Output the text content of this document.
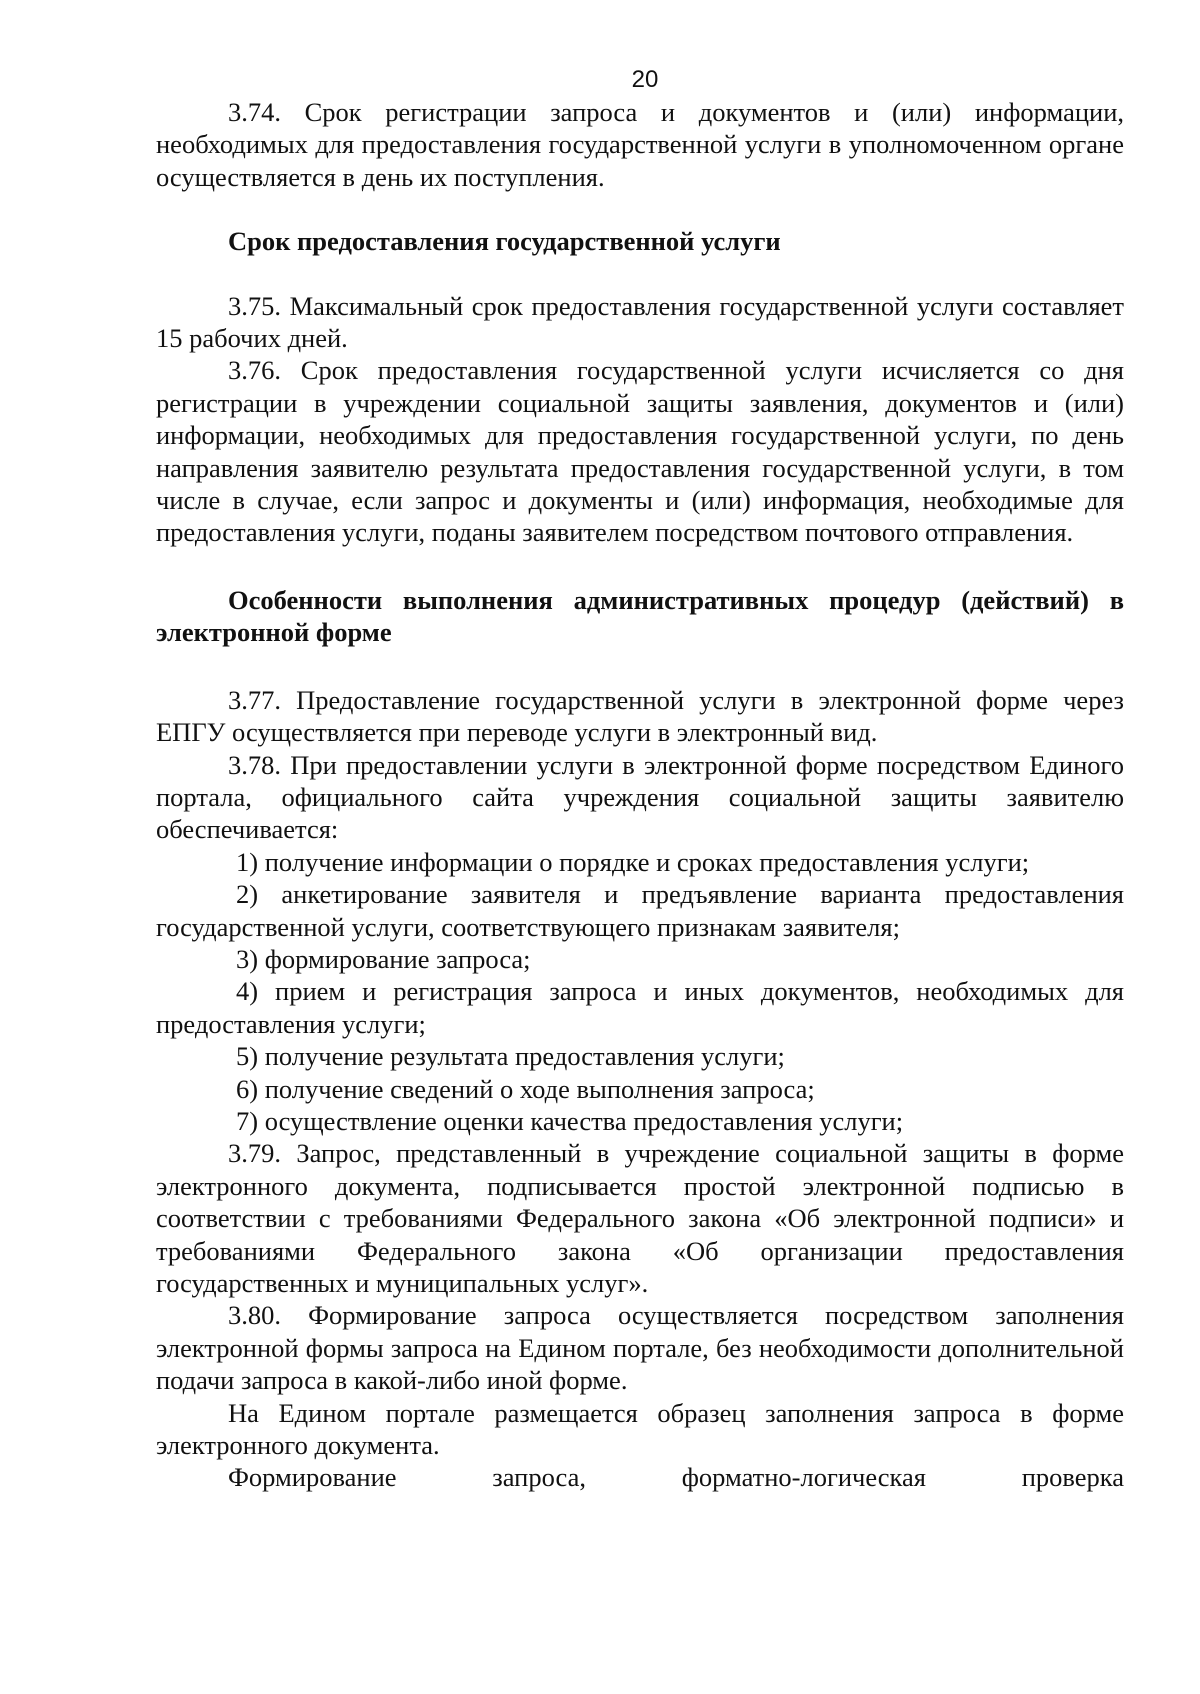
20

3.74. Срок регистрации запроса и документов и (или) информации, необходимых для предоставления государственной услуги в уполномоченном органе осуществляется в день их поступления.

Срок предоставления государственной услуги

3.75. Максимальный срок предоставления государственной услуги составляет 15 рабочих дней.

3.76. Срок предоставления государственной услуги исчисляется со дня регистрации в учреждении социальной защиты заявления, документов и (или) информации, необходимых для предоставления государственной услуги, по день направления заявителю результата предоставления государственной услуги, в том числе в случае, если запрос и документы и (или) информация, необходимые для предоставления услуги, поданы заявителем посредством почтового отправления.

Особенности выполнения административных процедур (действий) в электронной форме

3.77. Предоставление государственной услуги в электронной форме через ЕПГУ осуществляется при переводе услуги в электронный вид.

3.78. При предоставлении услуги в электронной форме посредством Единого портала, официального сайта учреждения социальной защиты заявителю обеспечивается:

1) получение информации о порядке и сроках предоставления услуги;

2) анкетирование заявителя и предъявление варианта предоставления государственной услуги, соответствующего признакам заявителя;

3) формирование запроса;

4) прием и регистрация запроса и иных документов, необходимых для предоставления услуги;

5) получение результата предоставления услуги;

6) получение сведений о ходе выполнения запроса;

7) осуществление оценки качества предоставления услуги;

3.79. Запрос, представленный в учреждение социальной защиты в форме электронного документа, подписывается простой электронной подписью в соответствии с требованиями Федерального закона «Об электронной подписи» и требованиями Федерального закона «Об организации предоставления государственных и муниципальных услуг».

3.80. Формирование запроса осуществляется посредством заполнения электронной формы запроса на Едином портале, без необходимости дополнительной подачи запроса в какой-либо иной форме.

На Едином портале размещается образец заполнения запроса в форме электронного документа.

Формирование запроса, форматно-логическая проверка
